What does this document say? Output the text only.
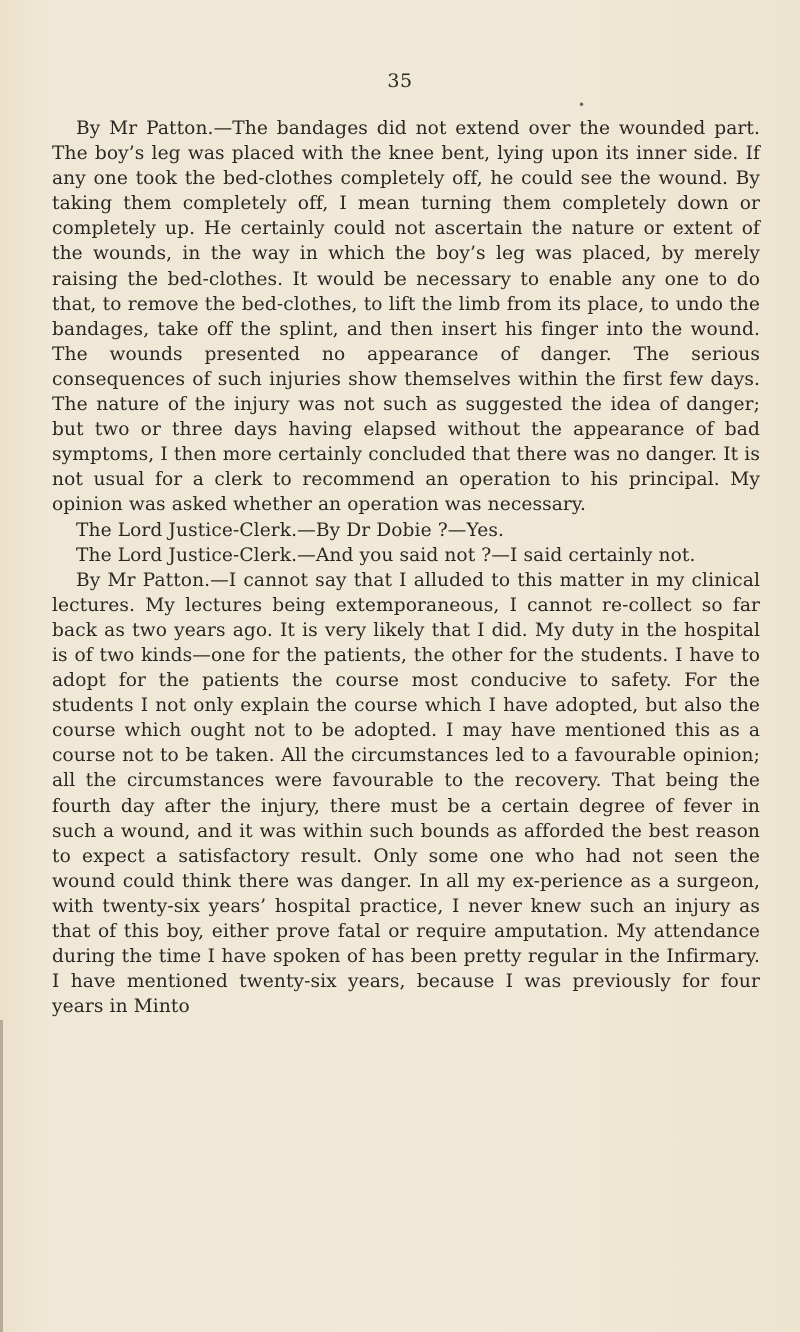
35
•

By Mr Patton.—The bandages did not extend over the wounded part. The boy’s leg was placed with the knee bent, lying upon its inner side. If any one took the bed-clothes completely off, he could see the wound. By taking them completely off, I mean turning them completely down or completely up. He certainly could not ascertain the nature or extent of the wounds, in the way in which the boy’s leg was placed, by merely raising the bed-clothes. It would be necessary to enable any one to do that, to remove the bed-clothes, to lift the limb from its place, to undo the bandages, take off the splint, and then insert his finger into the wound. The wounds presented no appearance of danger. The serious consequences of such injuries show themselves within the first few days. The nature of the injury was not such as suggested the idea of danger; but two or three days having elapsed without the appearance of bad symptoms, I then more certainly concluded that there was no danger. It is not usual for a clerk to recommend an operation to his principal. My opinion was asked whether an operation was necessary.

The Lord Justice-Clerk.—By Dr Dobie ?—Yes.

The Lord Justice-Clerk.—And you said not ?—I said certainly not.

By Mr Patton.—I cannot say that I alluded to this matter in my clinical lectures. My lectures being extemporaneous, I cannot re-collect so far back as two years ago. It is very likely that I did. My duty in the hospital is of two kinds—one for the patients, the other for the students. I have to adopt for the patients the course most conducive to safety. For the students I not only explain the course which I have adopted, but also the course which ought not to be adopted. I may have mentioned this as a course not to be taken. All the circumstances led to a favourable opinion; all the circumstances were favourable to the recovery. That being the fourth day after the injury, there must be a certain degree of fever in such a wound, and it was within such bounds as afforded the best reason to expect a satisfactory result. Only some one who had not seen the wound could think there was danger. In all my ex-perience as a surgeon, with twenty-six years’ hospital practice, I never knew such an injury as that of this boy, either prove fatal or require amputation. My attendance during the time I have spoken of has been pretty regular in the Infirmary. I have mentioned twenty-six years, because I was previously for four years in Minto
